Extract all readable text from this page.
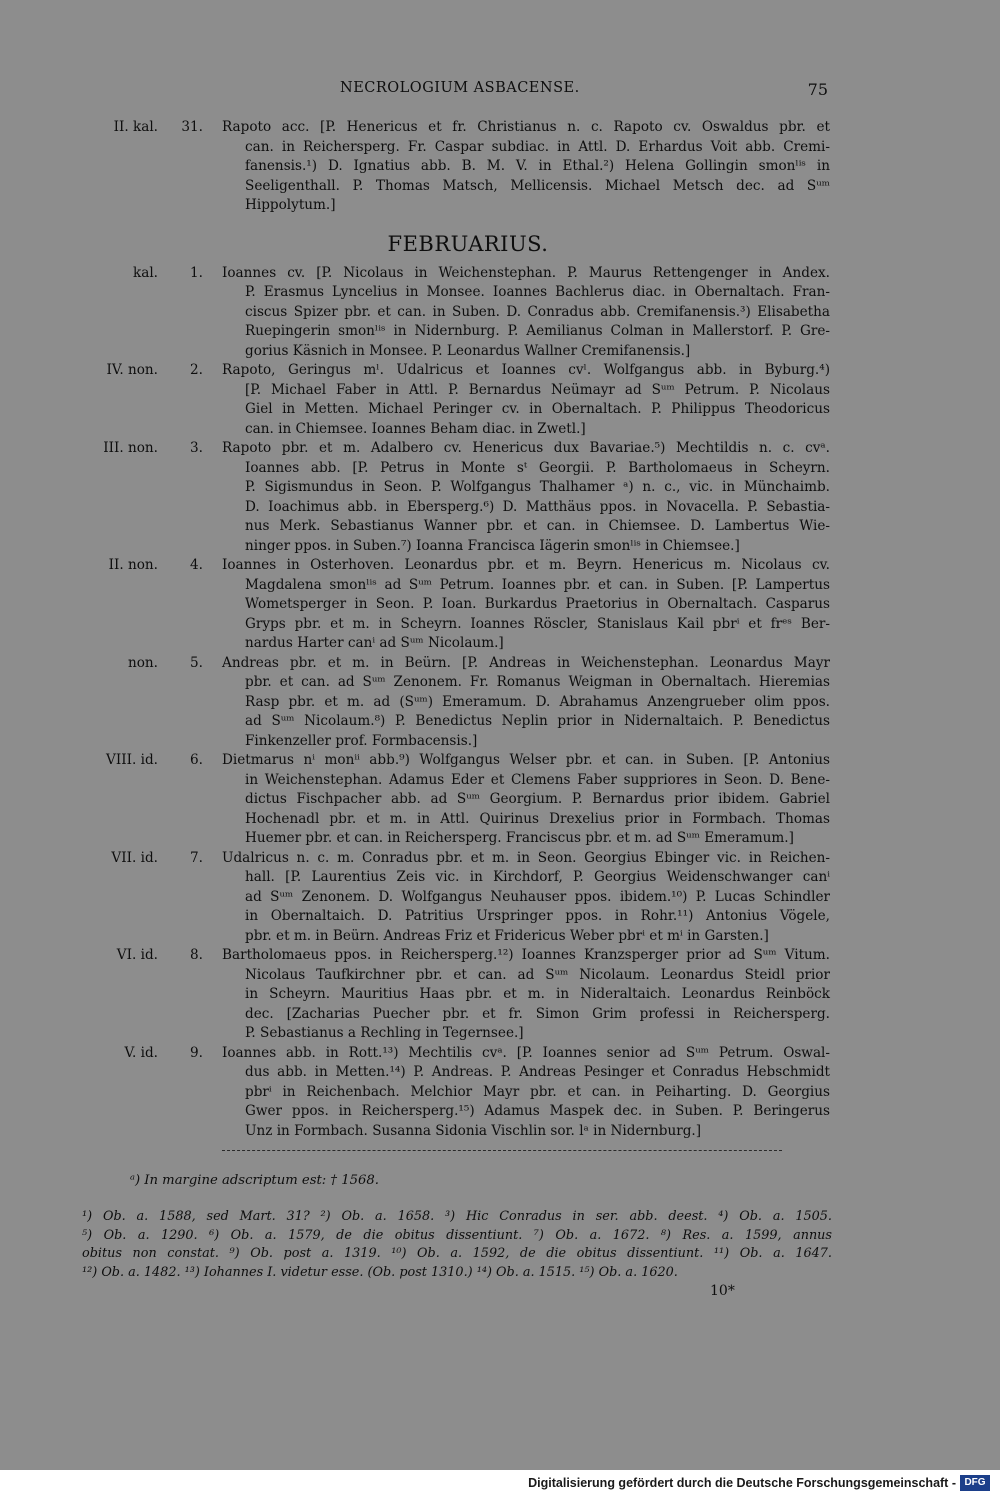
NECROLOGIUM ASBACENSE.	75
II. kal. 31. Rapoto acc. [P. Henericus et fr. Christianus n. c. Rapoto cv. Oswaldus pbr. et
can. in Reichersperg. Fr. Caspar subdiac. in Attl. D. Erhardus Voit abb. Cremi-
fanensis.¹) D. Ignatius abb. B. M. V. in Ethal.²) Helena Gollingin smonˡⁱˢ in
Seeligenthall. P. Thomas Matsch, Mellicensis. Michael Metsch dec. ad Sᵘᵐ
Hippolytum.]
FEBRUARIUS.
kal. 1. Ioannes cv. [P. Nicolaus in Weichenstephan. P. Maurus Rettengenger in Andex.
P. Erasmus Lyncelius in Monsee. Ioannes Bachlerus diac. in Obernaltach. Fran-
ciscus Spizer pbr. et can. in Suben. D. Conradus abb. Cremifanensis.³) Elisabetha
Ruepingerin smonˡⁱˢ in Nidernburg. P. Aemilianus Colman in Mallerstorf. P. Gre-
gorius Käsnich in Monsee. P. Leonardus Wallner Cremifanensis.]
IV. non. 2. Rapoto, Geringus mˡ. Udalricus et Ioannes cvˡ. Wolfgangus abb. in Byburg.⁴)
[P. Michael Faber in Attl. P. Bernardus Neümayr ad Sᵘᵐ Petrum. P. Nicolaus
Giel in Metten. Michael Peringer cv. in Obernaltach. P. Philippus Theodoricus
can. in Chiemsee. Ioannes Beham diac. in Zwetl.]
III. non. 3. Rapoto pbr. et m. Adalbero cv. Henericus dux Bavariae.⁵) Mechtildis n. c. cvᵃ.
Ioannes abb. [P. Petrus in Monte sᵗ Georgii. P. Bartholomaeus in Scheyrn.
P. Sigismundus in Seon. P. Wolfgangus Thalhamer ᵃ) n. c., vic. in Münchaimb.
D. Ioachimus abb. in Ebersperg.⁶) D. Matthäus ppos. in Novacella. P. Sebastia-
nus Merk. Sebastianus Wanner pbr. et can. in Chiemsee. D. Lambertus Wie-
ninger ppos. in Suben.⁷) Ioanna Francisca Iägerin smonˡⁱˢ in Chiemsee.]
II. non. 4. Ioannes in Osterhoven. Leonardus pbr. et m. Beyrn. Henericus m. Nicolaus cv.
Magdalena smonˡⁱˢ ad Sᵘᵐ Petrum. Ioannes pbr. et can. in Suben. [P. Lampertus
Wometsperger in Seon. P. Ioan. Burkardus Praetorius in Obernaltach. Casparus
Gryps pbr. et m. in Scheyrn. Ioannes Röscler, Stanislaus Kail pbrⁱ et frᵉˢ Ber-
nardus Harter canⁱ ad Sᵘᵐ Nicolaum.]
non. 5. Andreas pbr. et m. in Beürn. [P. Andreas in Weichenstephan. Leonardus Mayr
pbr. et can. ad Sᵘᵐ Zenonem. Fr. Romanus Weigman in Obernaltach. Hieremias
Rasp pbr. et m. ad (Sᵘᵐ) Emeramum. D. Abrahamus Anzengrueber olim ppos.
ad Sᵘᵐ Nicolaum.⁸) P. Benedictus Neplin prior in Nidernaltaich. P. Benedictus
Finkenzeller prof. Formbacensis.]
VIII. id. 6. Dietmarus nⁱ monⁱⁱ abb.⁹) Wolfgangus Welser pbr. et can. in Suben. [P. Antonius
in Weichenstephan. Adamus Eder et Clemens Faber suppriores in Seon. D. Bene-
dictus Fischpacher abb. ad Sᵘᵐ Georgium. P. Bernardus prior ibidem. Gabriel
Hochenadl pbr. et m. in Attl. Quirinus Drexelius prior in Formbach. Thomas
Huemer pbr. et can. in Reichersperg. Franciscus pbr. et m. ad Sᵘᵐ Emeramum.]
VII. id. 7. Udalricus n. c. m. Conradus pbr. et m. in Seon. Georgius Ebinger vic. in Reichen-
hall. [P. Laurentius Zeis vic. in Kirchdorf, P. Georgius Weidenschwanger canⁱ
ad Sᵘᵐ Zenonem. D. Wolfgangus Neuhauser ppos. ibidem.¹⁰) P. Lucas Schindler
in Obernaltaich. D. Patritius Urspringer ppos. in Rohr.¹¹) Antonius Vögele,
pbr. et m. in Beürn. Andreas Friz et Fridericus Weber pbrⁱ et mⁱ in Garsten.]
VI. id. 8. Bartholomaeus ppos. in Reichersperg.¹²) Ioannes Kranzsperger prior ad Sᵘᵐ Vitum.
Nicolaus Taufkirchner pbr. et can. ad Sᵘᵐ Nicolaum. Leonardus Steidl prior
in Scheyrn. Mauritius Haas pbr. et m. in Nideraltaich. Leonardus Reinböck
dec. [Zacharias Puecher pbr. et fr. Simon Grim professi in Reichersperg.
P. Sebastianus a Rechling in Tegernsee.]
V. id. 9. Ioannes abb. in Rott.¹³) Mechtilis cvᵃ. [P. Ioannes senior ad Sᵘᵐ Petrum. Oswal-
dus abb. in Metten.¹⁴) P. Andreas. P. Andreas Pesinger et Conradus Hebschmidt
pbrⁱ in Reichenbach. Melchior Mayr pbr. et can. in Peiharting. D. Georgius
Gwer ppos. in Reichersperg.¹⁵) Adamus Maspek dec. in Suben. P. Beringerus
Unz in Formbach. Susanna Sidonia Vischlin sor. lᵃ in Nidernburg.]
ᵃ) In margine adscriptum est: † 1568.
¹) Ob. a. 1588, sed Mart. 31? ²) Ob. a. 1658. ³) Hic Conradus in ser. abb. deest. ⁴) Ob. a. 1505.
⁵) Ob. a. 1290. ⁶) Ob. a. 1579, de die obitus dissentiunt. ⁷) Ob. a. 1672. ⁸) Res. a. 1599, annus
obitus non constat. ⁹) Ob. post a. 1319. ¹⁰) Ob. a. 1592, de die obitus dissentiunt. ¹¹) Ob. a. 1647.
¹²) Ob. a. 1482. ¹³) Iohannes I. videtur esse. (Ob. post 1310.) ¹⁴) Ob. a. 1515. ¹⁵) Ob. a. 1620.
10*
Digitalisierung gefördert durch die Deutsche Forschungsgemeinschaft - DFG
